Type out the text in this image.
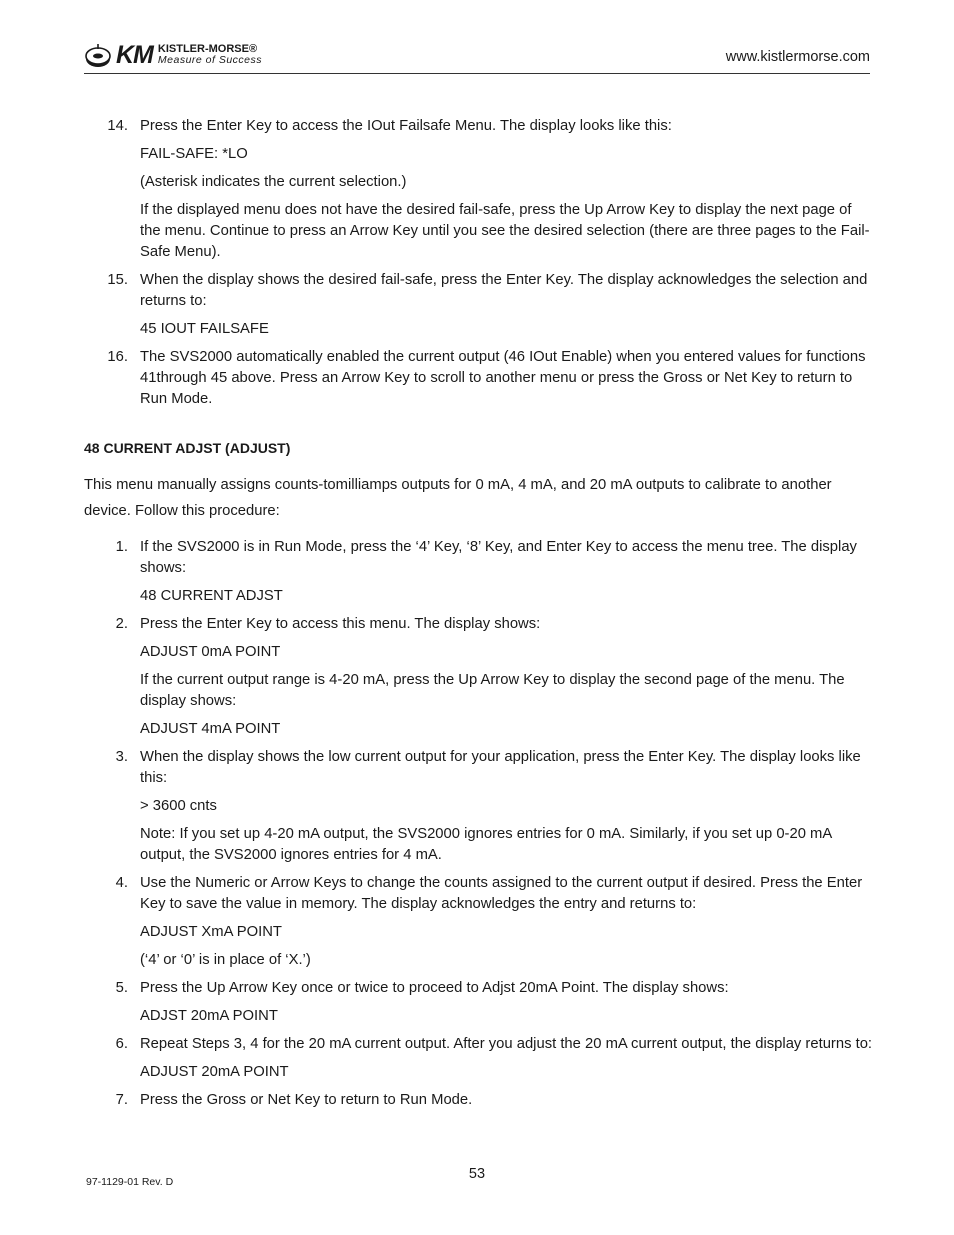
KM KISTLER-MORSE®
Measure of Success	www.kistlermorse.com
14. Press the Enter Key to access the IOut Failsafe Menu. The display looks like this:
FAIL-SAFE: *LO
(Asterisk indicates the current selection.)
If the displayed menu does not have the desired fail-safe, press the Up Arrow Key to display the next page of the menu. Continue to press an Arrow Key until you see the desired selection (there are three pages to the Fail-Safe Menu).
15. When the display shows the desired fail-safe, press the Enter Key. The display acknowledges the selection and returns to:
45 IOUT FAILSAFE
16. The SVS2000 automatically enabled the current output (46 IOut Enable) when you entered values for functions 41through 45 above. Press an Arrow Key to scroll to another menu or press the Gross or Net Key to return to Run Mode.
48 CURRENT ADJST (ADJUST)
This menu manually assigns counts-tomilliamps outputs for 0 mA, 4 mA, and 20 mA outputs to calibrate to another device. Follow this procedure:
1. If the SVS2000 is in Run Mode, press the ‘4’ Key, ‘8’ Key, and Enter Key to access the menu tree. The display shows:
48 CURRENT ADJST
2. Press the Enter Key to access this menu. The display shows:
ADJUST 0mA POINT
If the current output range is 4-20 mA, press the Up Arrow Key to display the second page of the menu. The display shows:
ADJUST 4mA POINT
3. When the display shows the low current output for your application, press the Enter Key. The display looks like this:
> 3600 cnts
Note: If you set up 4-20 mA output, the SVS2000 ignores entries for 0 mA. Similarly, if you set up 0-20 mA output, the SVS2000 ignores entries for 4 mA.
4. Use the Numeric or Arrow Keys to change the counts assigned to the current output if desired. Press the Enter Key to save the value in memory. The display acknowledges the entry and returns to:
ADJUST XmA POINT
(‘4’ or ‘0’ is in place of ‘X.’)
5. Press the Up Arrow Key once or twice to proceed to Adjst 20mA Point. The display shows:
ADJST 20mA POINT
6. Repeat Steps 3, 4 for the 20 mA current output. After you adjust the 20 mA current output, the display returns to:
ADJUST 20mA POINT
7. Press the Gross or Net Key to return to Run Mode.
53
97-1129-01 Rev. D
